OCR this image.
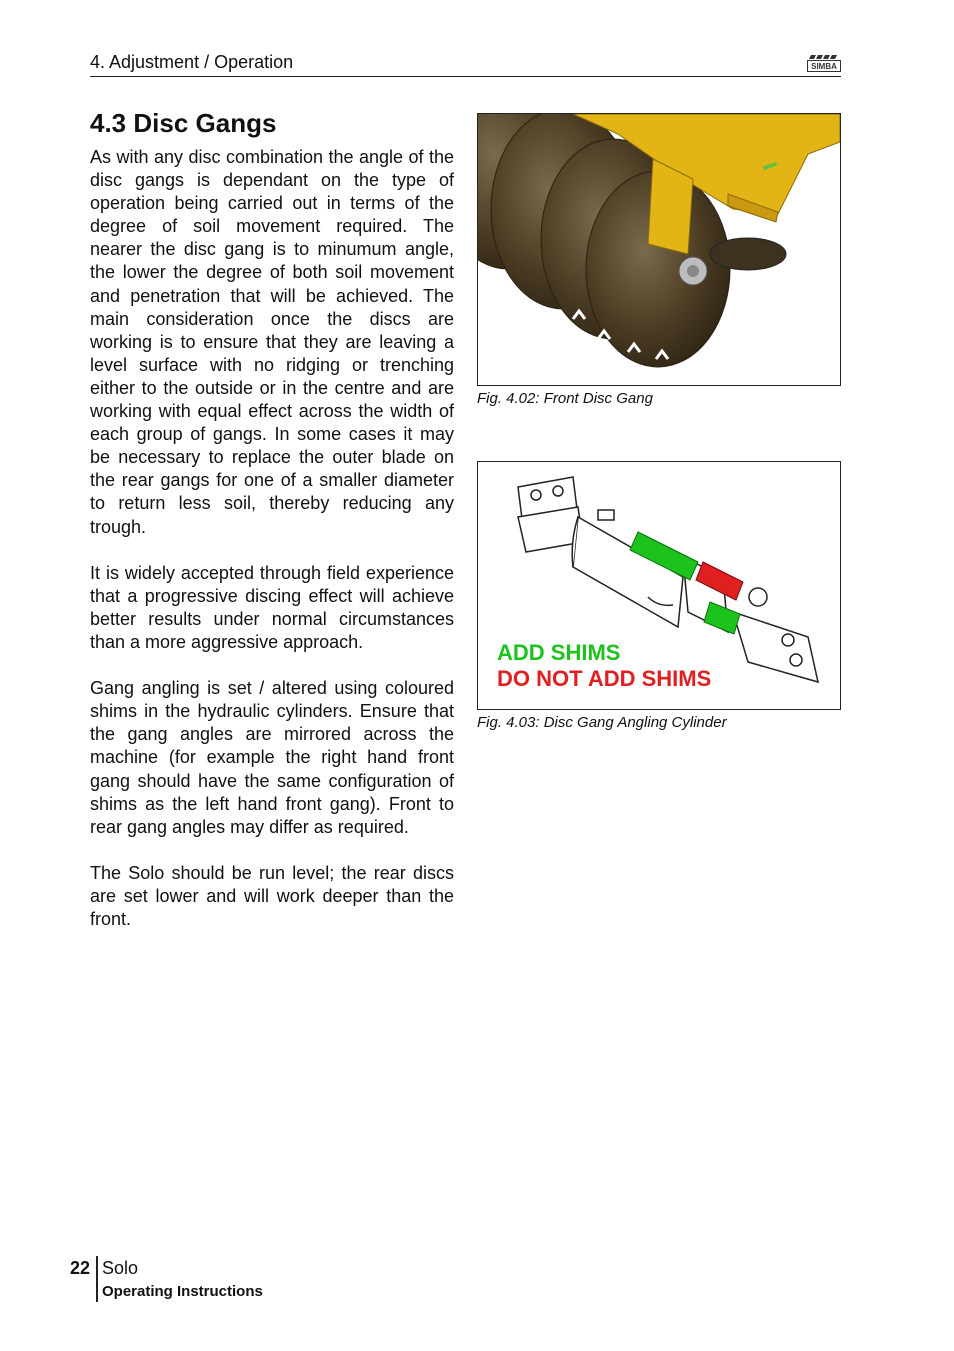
4. Adjustment / Operation	SIMBA
4.3 Disc Gangs

As with any disc combination the angle of the disc gangs is dependant on the type of operation being carried out in terms of the degree of soil movement required. The nearer the disc gang is to minumum angle, the lower the degree of both soil movement and penetration that will be achieved. The main consideration once the discs are working is to ensure that they are leaving a level surface with no ridging or trenching either to the outside or in the centre and are working with equal effect across the width of each group of gangs. In some cases it may be necessary to replace the outer blade on the rear gangs for one of a smaller diameter to return less soil, thereby reducing any trough.

It is widely accepted through field experience that a progressive discing effect will achieve better results under normal circumstances than a more aggressive approach.

Gang angling is set / altered using coloured shims in the hydraulic cylinders. Ensure that the gang angles are mirrored across the machine (for example the right hand front gang should have the same configuration of shims as the left hand front gang). Front to rear gang angles may differ as required.

The Solo should be run level; the rear discs are set lower and will work deeper than the front.

Fig. 4.02: Front Disc Gang
ADD SHIMS
DO NOT ADD SHIMS
Fig. 4.03: Disc Gang Angling Cylinder
22 Solo
Operating Instructions
